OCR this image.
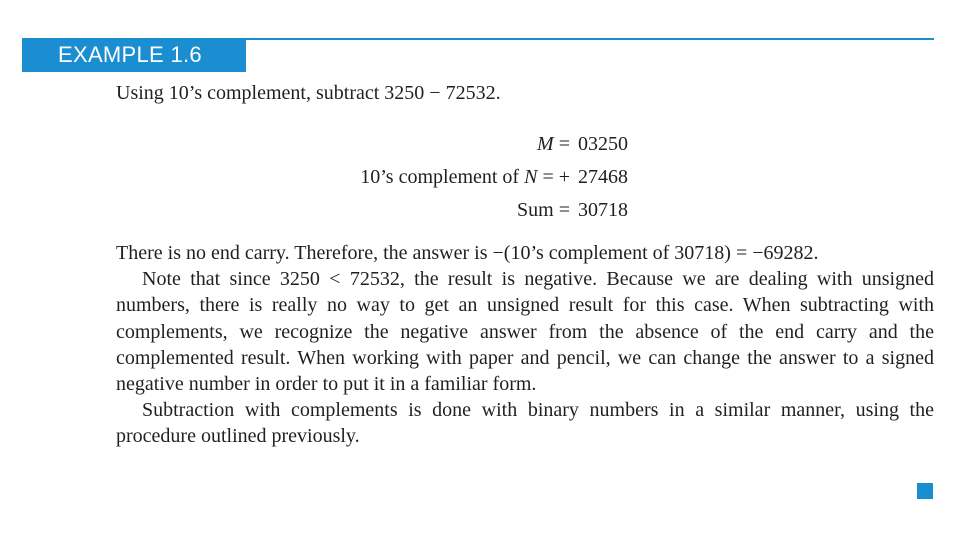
EXAMPLE 1.6
Using 10’s complement, subtract 3250 − 72532.
M = 03250
10’s complement of N = + 27468
Sum = 30718

There is no end carry. Therefore, the answer is −(10’s complement of 30718) = −69282.

Note that since 3250 < 72532, the result is negative. Because we are dealing with unsigned numbers, there is really no way to get an unsigned result for this case. When subtracting with complements, we recognize the negative answer from the absence of the end carry and the complemented result. When working with paper and pencil, we can change the answer to a signed negative number in order to put it in a familiar form.

Subtraction with complements is done with binary numbers in a similar manner, using the procedure outlined previously.
